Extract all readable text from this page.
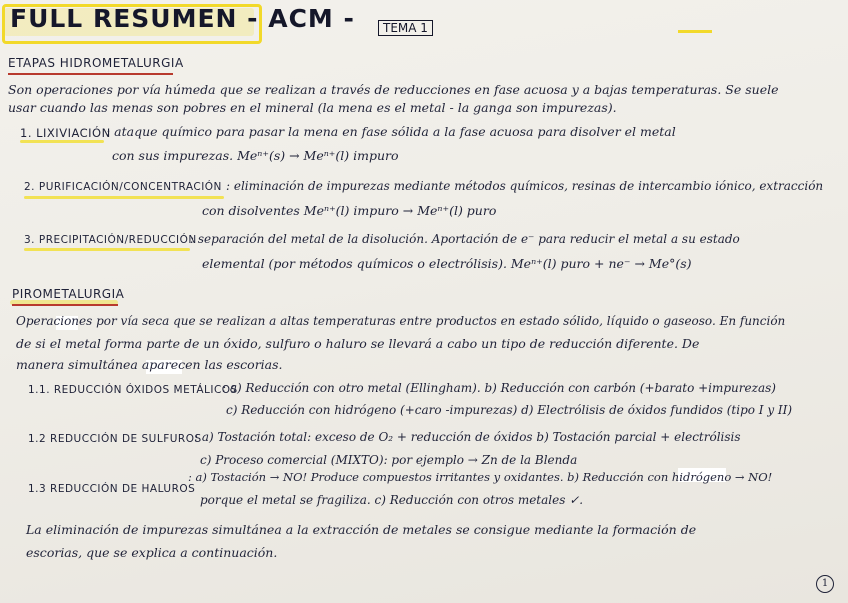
FULL RESUMEN - ACM -	TEMA 1
ETAPAS HIDROMETALURGIA
Son operaciones por vía húmeda que se realizan a través de reducciones en fase acuosa y a bajas temperaturas. Se suele
usar cuando las menas son pobres en el mineral (la mena es el metal - la ganga son impurezas).
1. LIXIVIACIÓN
: ataque químico para pasar la mena en fase sólida a la fase acuosa para disolver el metal
con sus impurezas. Meⁿ⁺(s) → Meⁿ⁺(l) impuro
2. PURIFICACIÓN/CONCENTRACIÓN : eliminación de impurezas mediante métodos químicos, resinas de intercambio iónico, extracción
con disolventes Meⁿ⁺(l) impuro → Meⁿ⁺(l) puro
3. PRECIPITACIÓN/REDUCCIÓN
: separación del metal de la disolución. Aportación de e⁻ para reducir el metal a su estado
elemental (por métodos químicos o electrólisis). Meⁿ⁺(l) puro + ne⁻ → Me°(s)
PIROMETALURGIA
Operaciones por vía seca que se realizan a altas temperaturas entre productos en estado sólido, líquido o gaseoso. En función
de si el metal forma parte de un óxido, sulfuro o haluro se llevará a cabo un tipo de reducción diferente. De
manera simultánea aparecen las escorias.
1.1. REDUCCIÓN ÓXIDOS METÁLICOS
: a) Reducción con otro metal (Ellingham). b) Reducción con carbón (+barato +impurezas)
c) Reducción con hidrógeno (+caro -impurezas) d) Electrólisis de óxidos fundidos (tipo I y II)
1.2 REDUCCIÓN DE SULFUROS
: a) Tostación total: exceso de O₂ + reducción de óxidos b) Tostación parcial + electrólisis
c) Proceso comercial (MIXTO): por ejemplo → Zn de la Blenda
1.3 REDUCCIÓN DE HALUROS
: a) Tostación → NO! Produce compuestos irritantes y oxidantes. b) Reducción con hidrógeno → NO!
porque el metal se fragiliza. c) Reducción con otros metales ✓.
La eliminación de impurezas simultánea a la extracción de metales se consigue mediante la formación de
escorias, que se explica a continuación.
1
